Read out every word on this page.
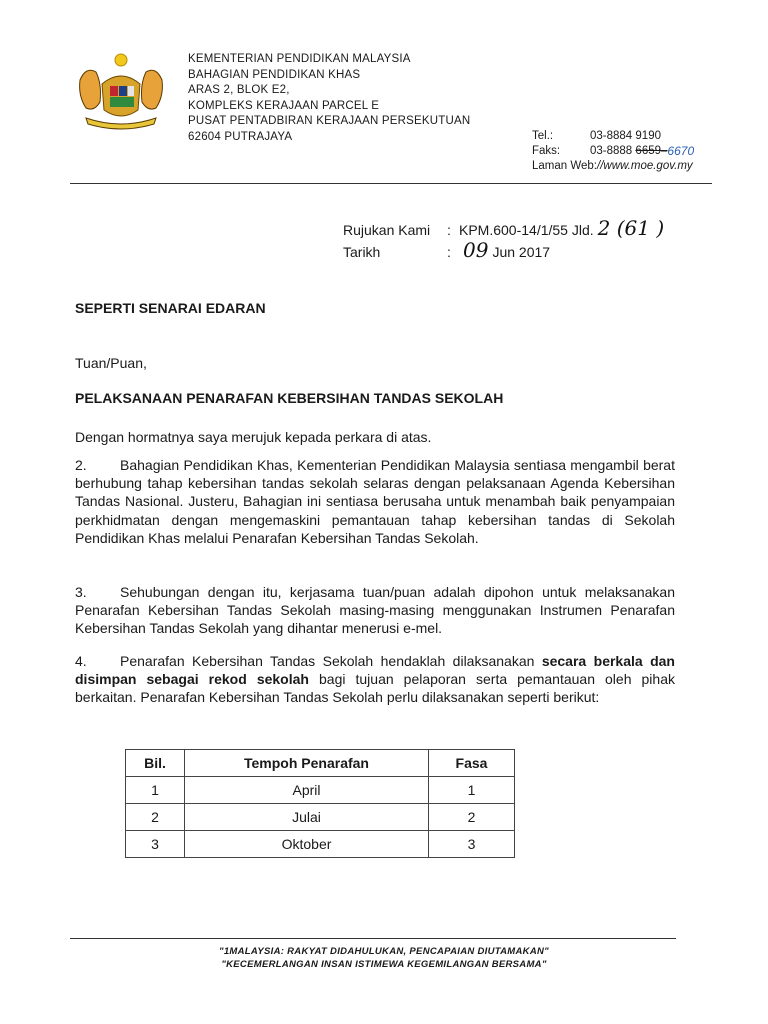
KEMENTERIAN PENDIDIKAN MALAYSIA
BAHAGIAN PENDIDIKAN KHAS
ARAS 2, BLOK E2,
KOMPLEKS KERAJAAN PARCEL E
PUSAT PENTADBIRAN KERAJAAN PERSEKUTUAN
62604 PUTRAJAYA	Tel.:	03-8884 9190
Faks:	03-8888
6659 – 6670
Laman Web: //www.moe.gov.my
Rujukan Kami	: KPM.600-14/1/55 Jld. 2 (61 )
Tarikh	: 09 Jun 2017
SEPERTI SENARAI EDARAN
Tuan/Puan,
PELAKSANAAN PENARAFAN KEBERSIHAN TANDAS SEKOLAH
Dengan hormatnya saya merujuk kepada perkara di atas.
2. Bahagian Pendidikan Khas, Kementerian Pendidikan Malaysia sentiasa mengambil berat berhubung tahap kebersihan tandas sekolah selaras dengan pelaksanaan Agenda Kebersihan Tandas Nasional. Justeru, Bahagian ini sentiasa berusaha untuk menambah baik penyampaian perkhidmatan dengan mengemaskini pemantauan tahap kebersihan tandas di Sekolah Pendidikan Khas melalui Penarafan Kebersihan Tandas Sekolah.
3. Sehubungan dengan itu, kerjasama tuan/puan adalah dipohon untuk melaksanakan Penarafan Kebersihan Tandas Sekolah masing-masing menggunakan Instrumen Penarafan Kebersihan Tandas Sekolah yang dihantar menerusi e-mel.
4. Penarafan Kebersihan Tandas Sekolah hendaklah dilaksanakan secara berkala dan disimpan sebagai rekod sekolah bagi tujuan pelaporan serta pemantauan oleh pihak berkaitan. Penarafan Kebersihan Tandas Sekolah perlu dilaksanakan seperti berikut:
Bil.	Tempoh Penarafan	Fasa
1	April	1
2	Julai	2
3	Oktober	3
"1MALAYSIA: RAKYAT DIDAHULUKAN, PENCAPAIAN DIUTAMAKAN"
"KECEMERLANGAN INSAN ISTIMEWA KEGEMILANGAN BERSAMA"
